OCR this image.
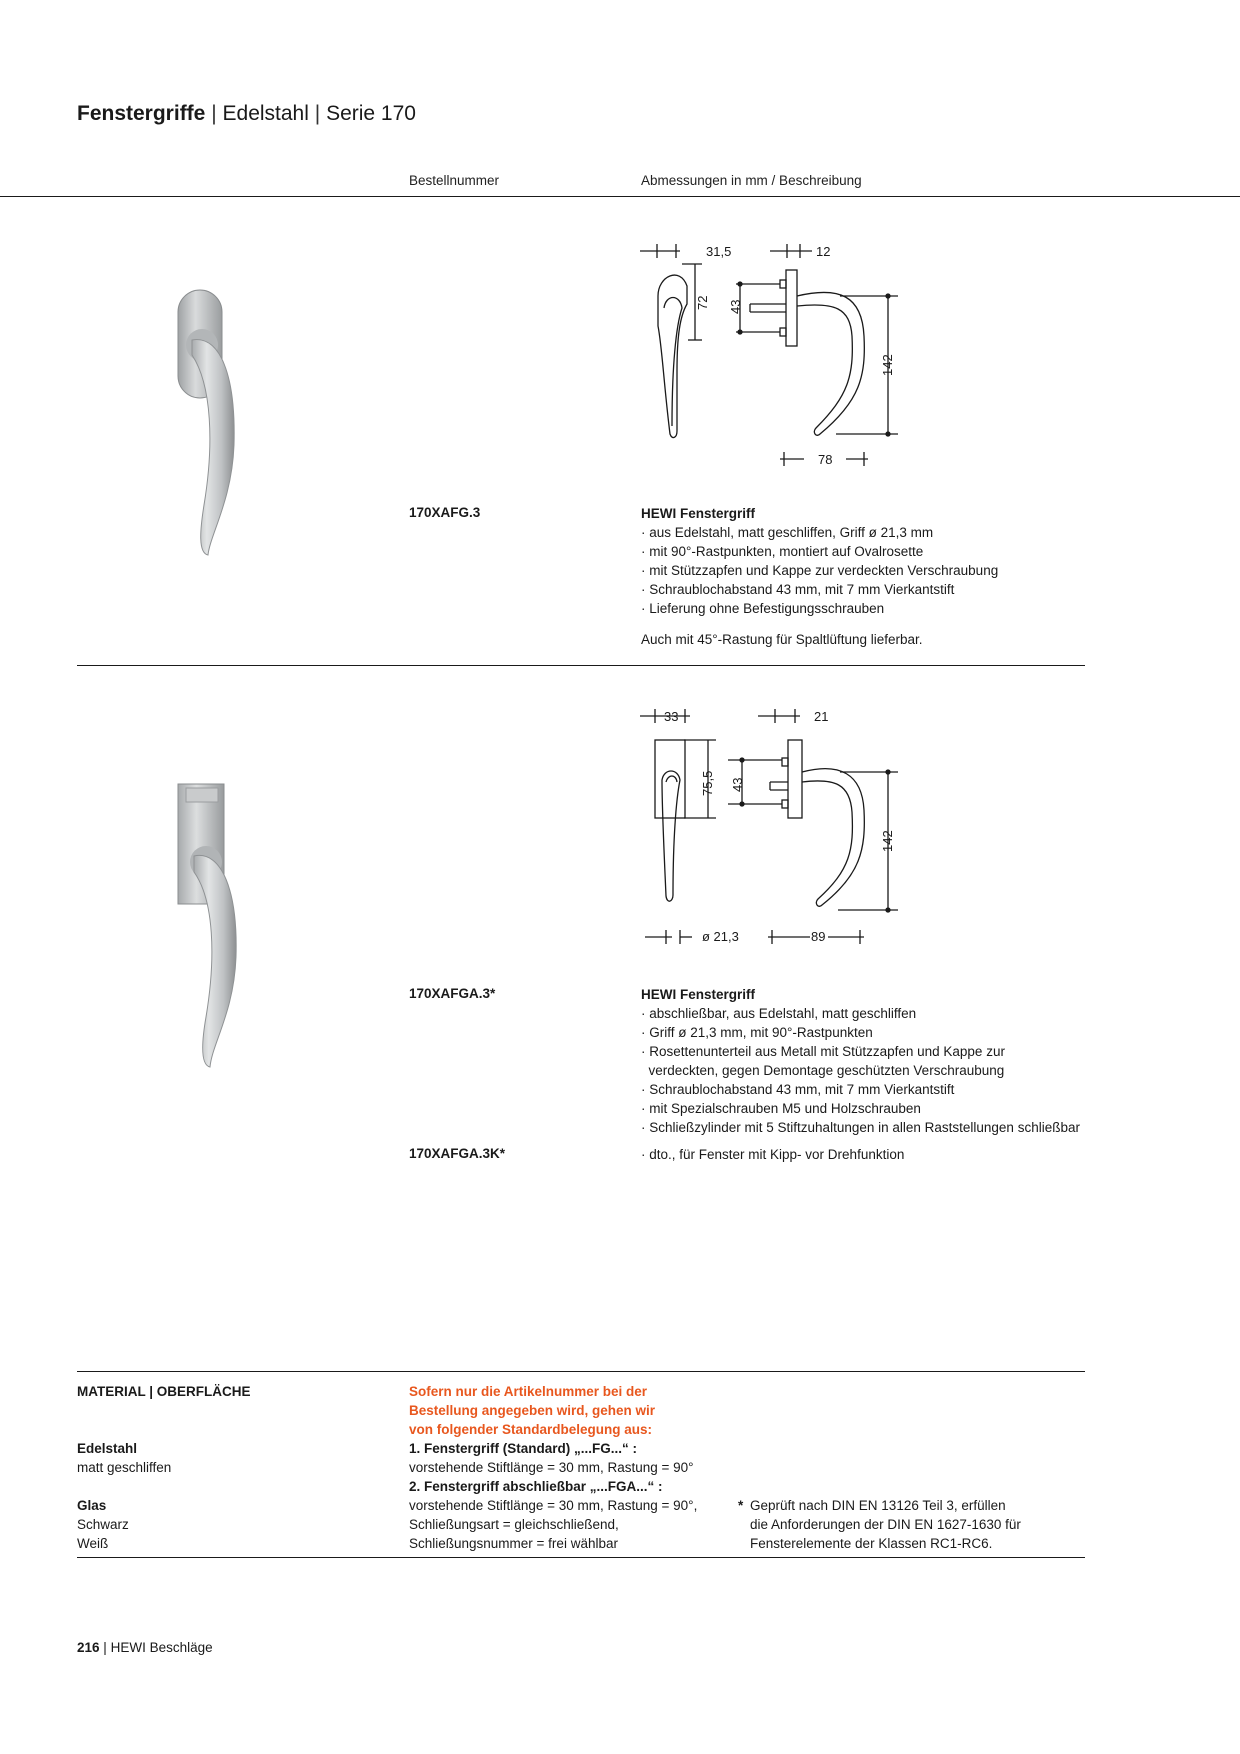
Fenstergriffe | Edelstahl | Serie 170
Bestellnummer	Abmessungen in mm / Beschreibung
31,5	12
72 43
142
78
170XAFG.3	HEWI Fenstergriff
· aus Edelstahl, matt geschliffen, Griff ø 21,3 mm
· mit 90°-Rastpunkten, montiert auf Ovalrosette
· mit Stützzapfen und Kappe zur verdeckten Verschraubung
· Schraublochabstand 43 mm, mit 7 mm Vierkantstift
· Lieferung ohne Befestigungsschrauben
Auch mit 45°-Rastung für Spaltlüftung lieferbar.
33	21
75,5 43
142
ø 21,3	89
170XAFGA.3*	HEWI Fenstergriff
· abschließbar, aus Edelstahl, matt geschliffen
· Griff ø 21,3 mm, mit 90°-Rastpunkten
· Rosettenunterteil aus Metall mit Stützzapfen und Kappe zur
verdeckten, gegen Demontage geschützten Verschraubung
· Schraublochabstand 43 mm, mit 7 mm Vierkantstift
· mit Spezialschrauben M5 und Holzschrauben
· Schließzylinder mit 5 Stiftzuhaltungen in allen Raststellungen schließbar
170XAFGA.3K*	· dto., für Fenster mit Kipp- vor Drehfunktion
MATERIAL | OBERFLÄCHE
Edelstahl
matt geschliffen
Glas
Schwarz
Weiß
Sofern nur die Artikelnummer bei der
Bestellung angegeben wird, gehen wir
von folgender Standardbelegung aus:
1. Fenstergriff (Standard) „...FG...“ :
vorstehende Stiftlänge = 30 mm, Rastung = 90°
2. Fenstergriff abschließbar „...FGA...“ :
vorstehende Stiftlänge = 30 mm, Rastung = 90°,
Schließungsart = gleichschließend,
Schließungsnummer = frei wählbar
* Geprüft nach DIN EN 13126 Teil 3, erfüllen
die Anforderungen der DIN EN 1627-1630 für
Fensterelemente der Klassen RC1-RC6.
216 | HEWI Beschläge
